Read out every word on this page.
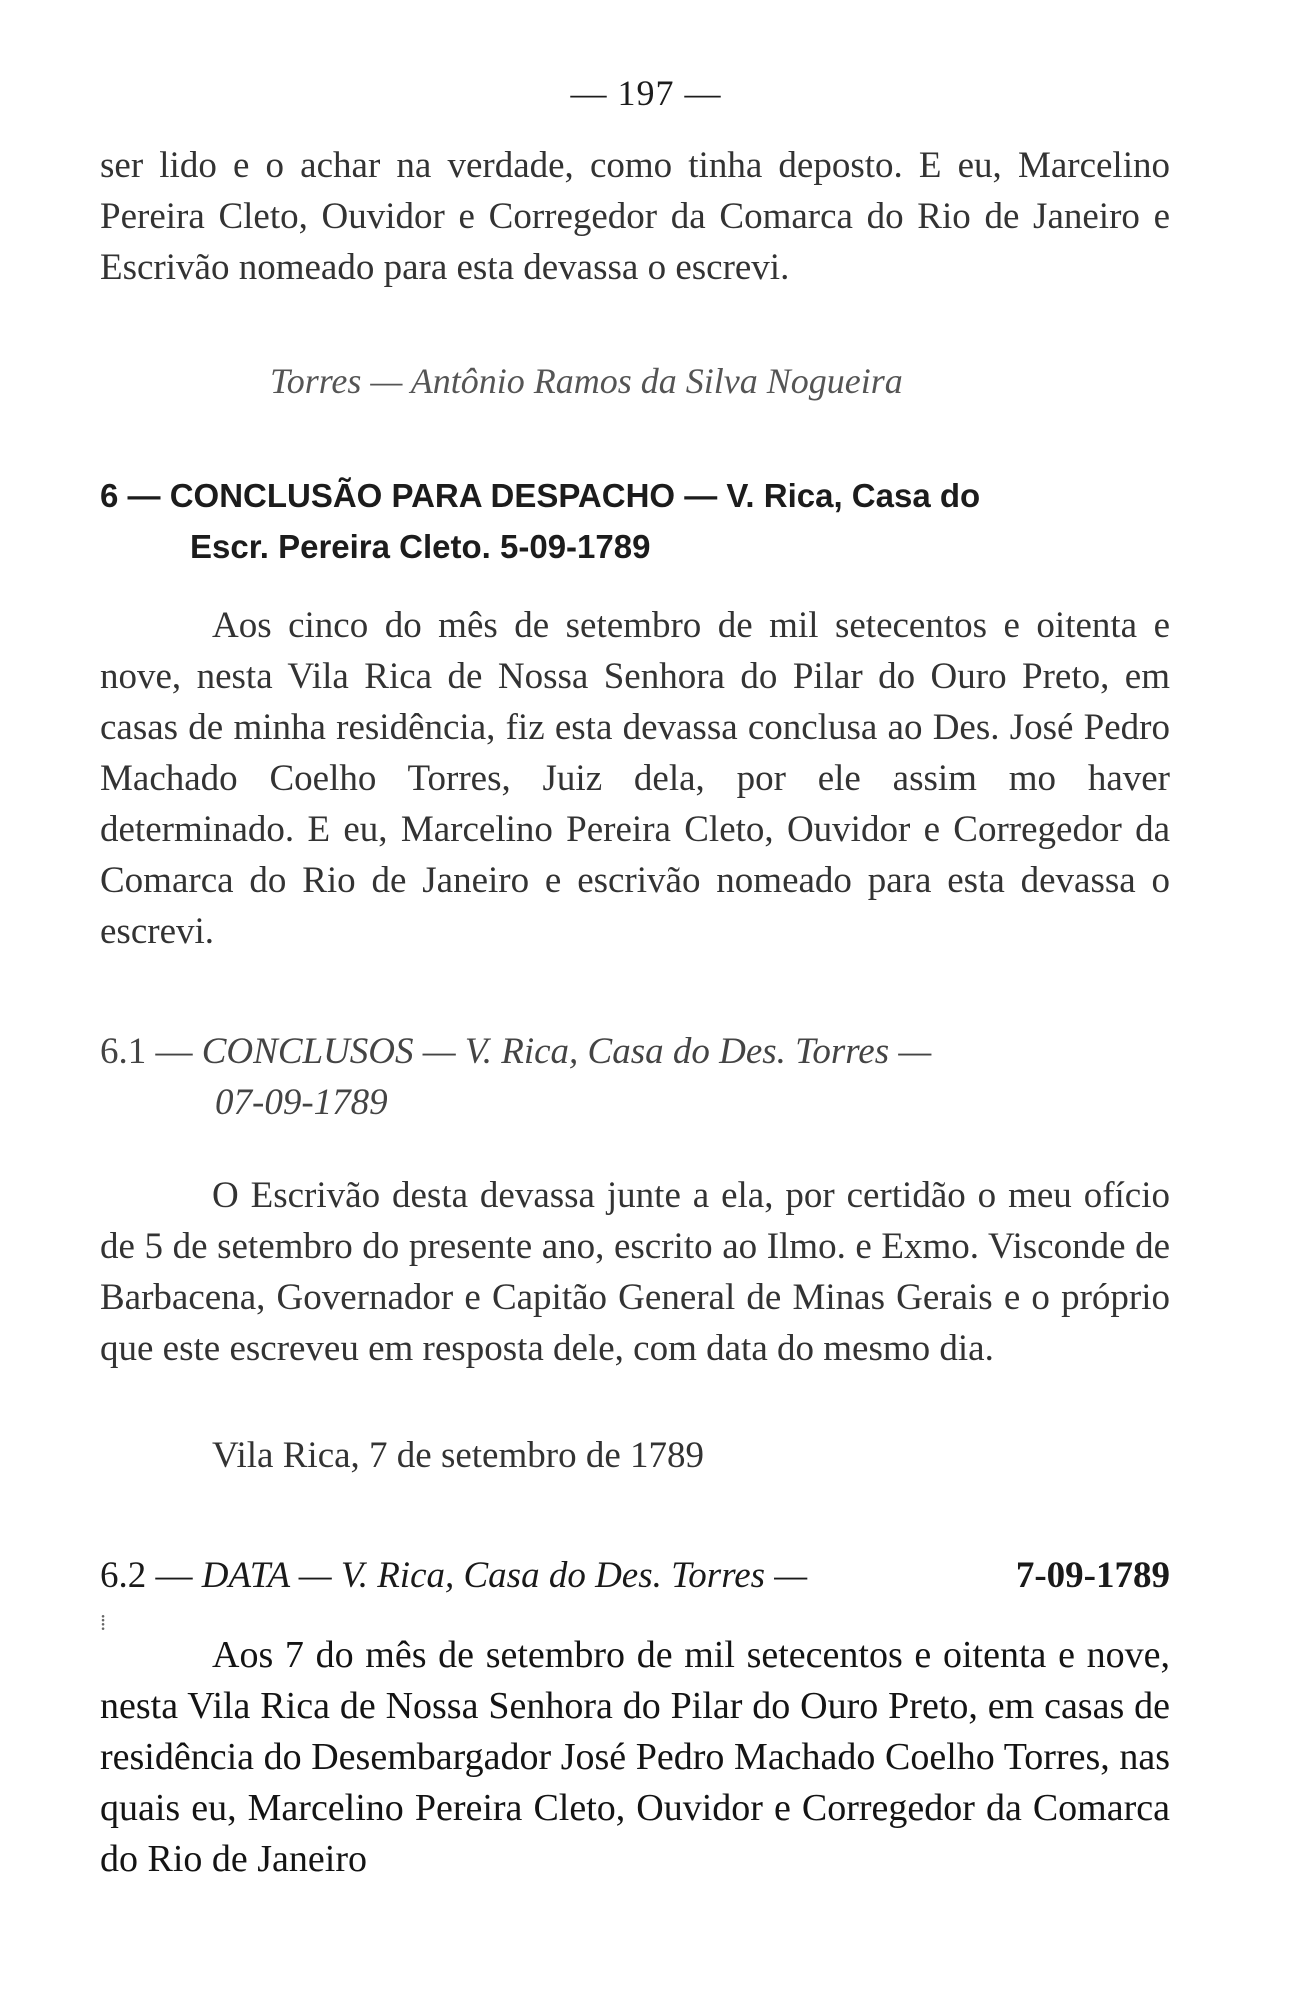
— 197 —

ser lido e o achar na verdade, como tinha deposto. E eu, Marcelino Pereira Cleto, Ouvidor e Corregedor da Comarca do Rio de Janeiro e Escrivão nomeado para esta devassa o escrevi.

Torres — Antônio Ramos da Silva Nogueira
6 — CONCLUSÃO PARA DESPACHO — V. Rica, Casa do
Escr. Pereira Cleto. 5-09-1789

Aos cinco do mês de setembro de mil setecentos e oitenta e nove, nesta Vila Rica de Nossa Senhora do Pilar do Ouro Preto, em casas de minha residência, fiz esta devassa conclusa ao Des. José Pedro Machado Coelho Torres, Juiz dela, por ele assim mo haver determinado. E eu, Marcelino Pereira Cleto, Ouvidor e Corregedor da Comarca do Rio de Janeiro e escrivão nomeado para esta devassa o escrevi.

6.1 — CONCLUSOS — V. Rica, Casa do Des. Torres —
07-09-1789

O Escrivão desta devassa junte a ela, por certidão o meu ofício de 5 de setembro do presente ano, escrito ao Ilmo. e Exmo. Visconde de Barbacena, Governador e Capitão General de Minas Gerais e o próprio que este escreveu em resposta dele, com data do mesmo dia.

Vila Rica, 7 de setembro de 1789
6.2 — DATA — V. Rica, Casa do Des. Torres —	7-09-1789
⁞

Aos 7 do mês de setembro de mil setecentos e oitenta e nove, nesta Vila Rica de Nossa Senhora do Pilar do Ouro Preto, em casas de residência do Desembargador José Pedro Machado Coelho Torres, nas quais eu, Marcelino Pereira Cleto, Ouvidor e Corregedor da Comarca do Rio de Janeiro
